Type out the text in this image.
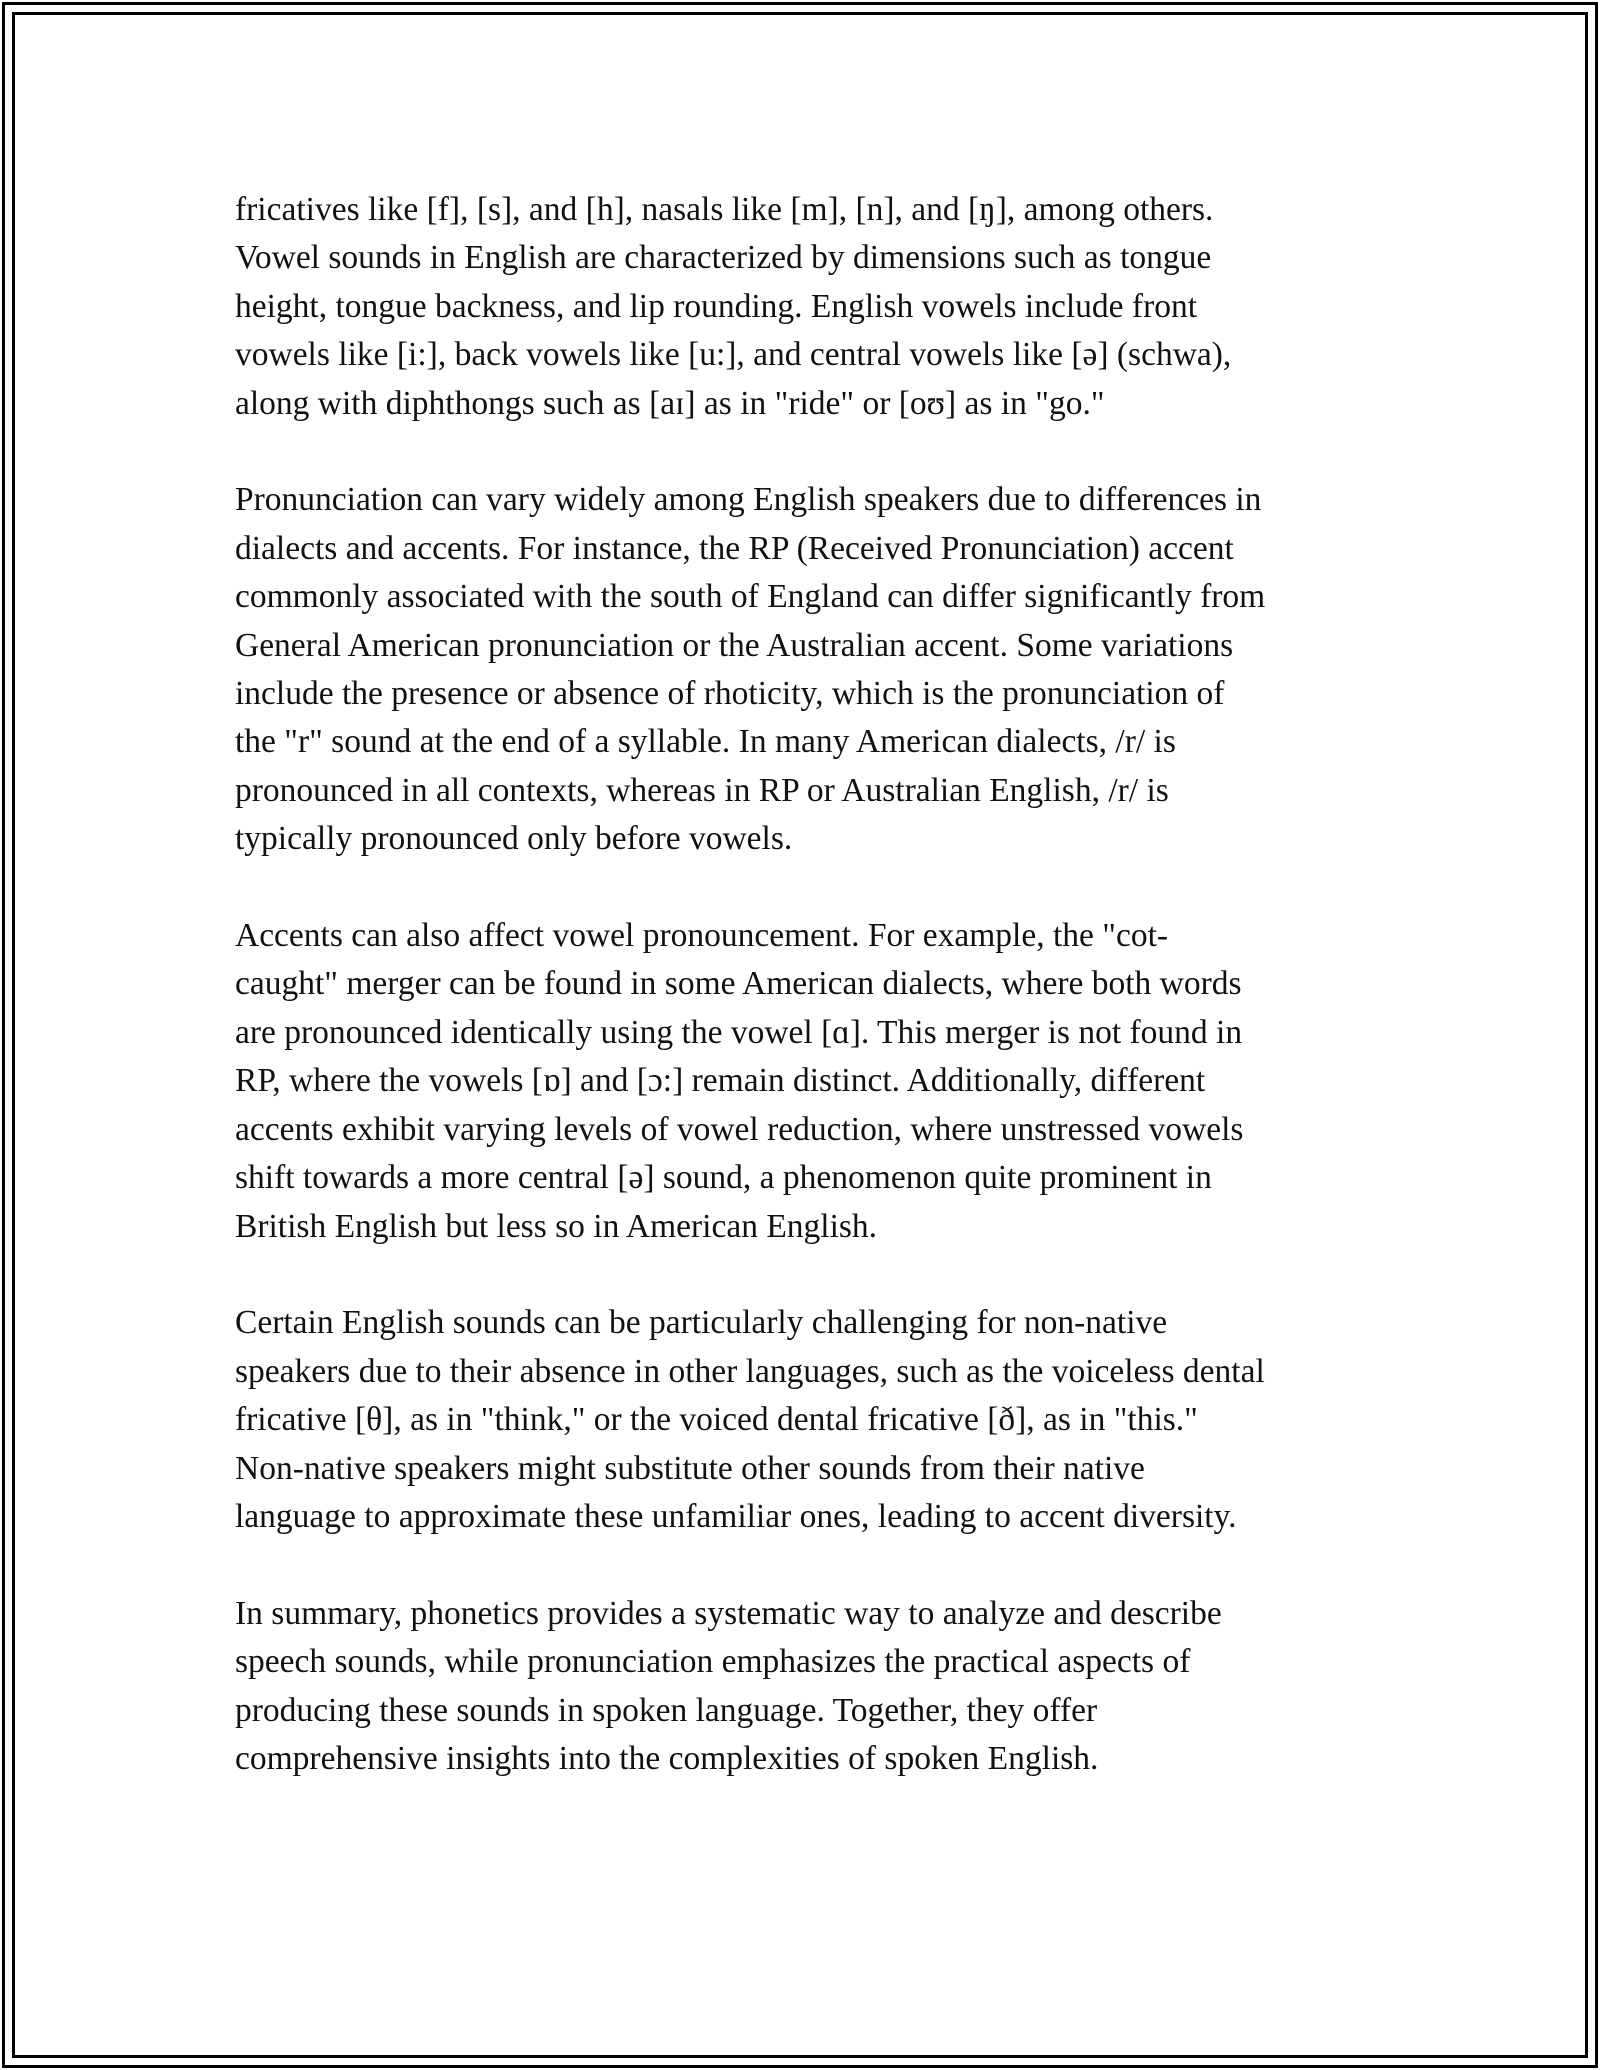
fricatives like [f], [s], and [h], nasals like [m], [n], and [ŋ], among others.
Vowel sounds in English are characterized by dimensions such as tongue
height, tongue backness, and lip rounding. English vowels include front
vowels like [i:], back vowels like [u:], and central vowels like [ə] (schwa),
along with diphthongs such as [aɪ] as in "ride" or [oʊ] as in "go."

Pronunciation can vary widely among English speakers due to differences in
dialects and accents. For instance, the RP (Received Pronunciation) accent
commonly associated with the south of England can differ significantly from
General American pronunciation or the Australian accent. Some variations
include the presence or absence of rhoticity, which is the pronunciation of
the "r" sound at the end of a syllable. In many American dialects, /r/ is
pronounced in all contexts, whereas in RP or Australian English, /r/ is
typically pronounced only before vowels.

Accents can also affect vowel pronouncement. For example, the "cot-
caught" merger can be found in some American dialects, where both words
are pronounced identically using the vowel [ɑ]. This merger is not found in
RP, where the vowels [ɒ] and [ɔ:] remain distinct. Additionally, different
accents exhibit varying levels of vowel reduction, where unstressed vowels
shift towards a more central [ə] sound, a phenomenon quite prominent in
British English but less so in American English.

Certain English sounds can be particularly challenging for non-native
speakers due to their absence in other languages, such as the voiceless dental
fricative [θ], as in "think," or the voiced dental fricative [ð], as in "this."
Non-native speakers might substitute other sounds from their native
language to approximate these unfamiliar ones, leading to accent diversity.

In summary, phonetics provides a systematic way to analyze and describe
speech sounds, while pronunciation emphasizes the practical aspects of
producing these sounds in spoken language. Together, they offer
comprehensive insights into the complexities of spoken English.
